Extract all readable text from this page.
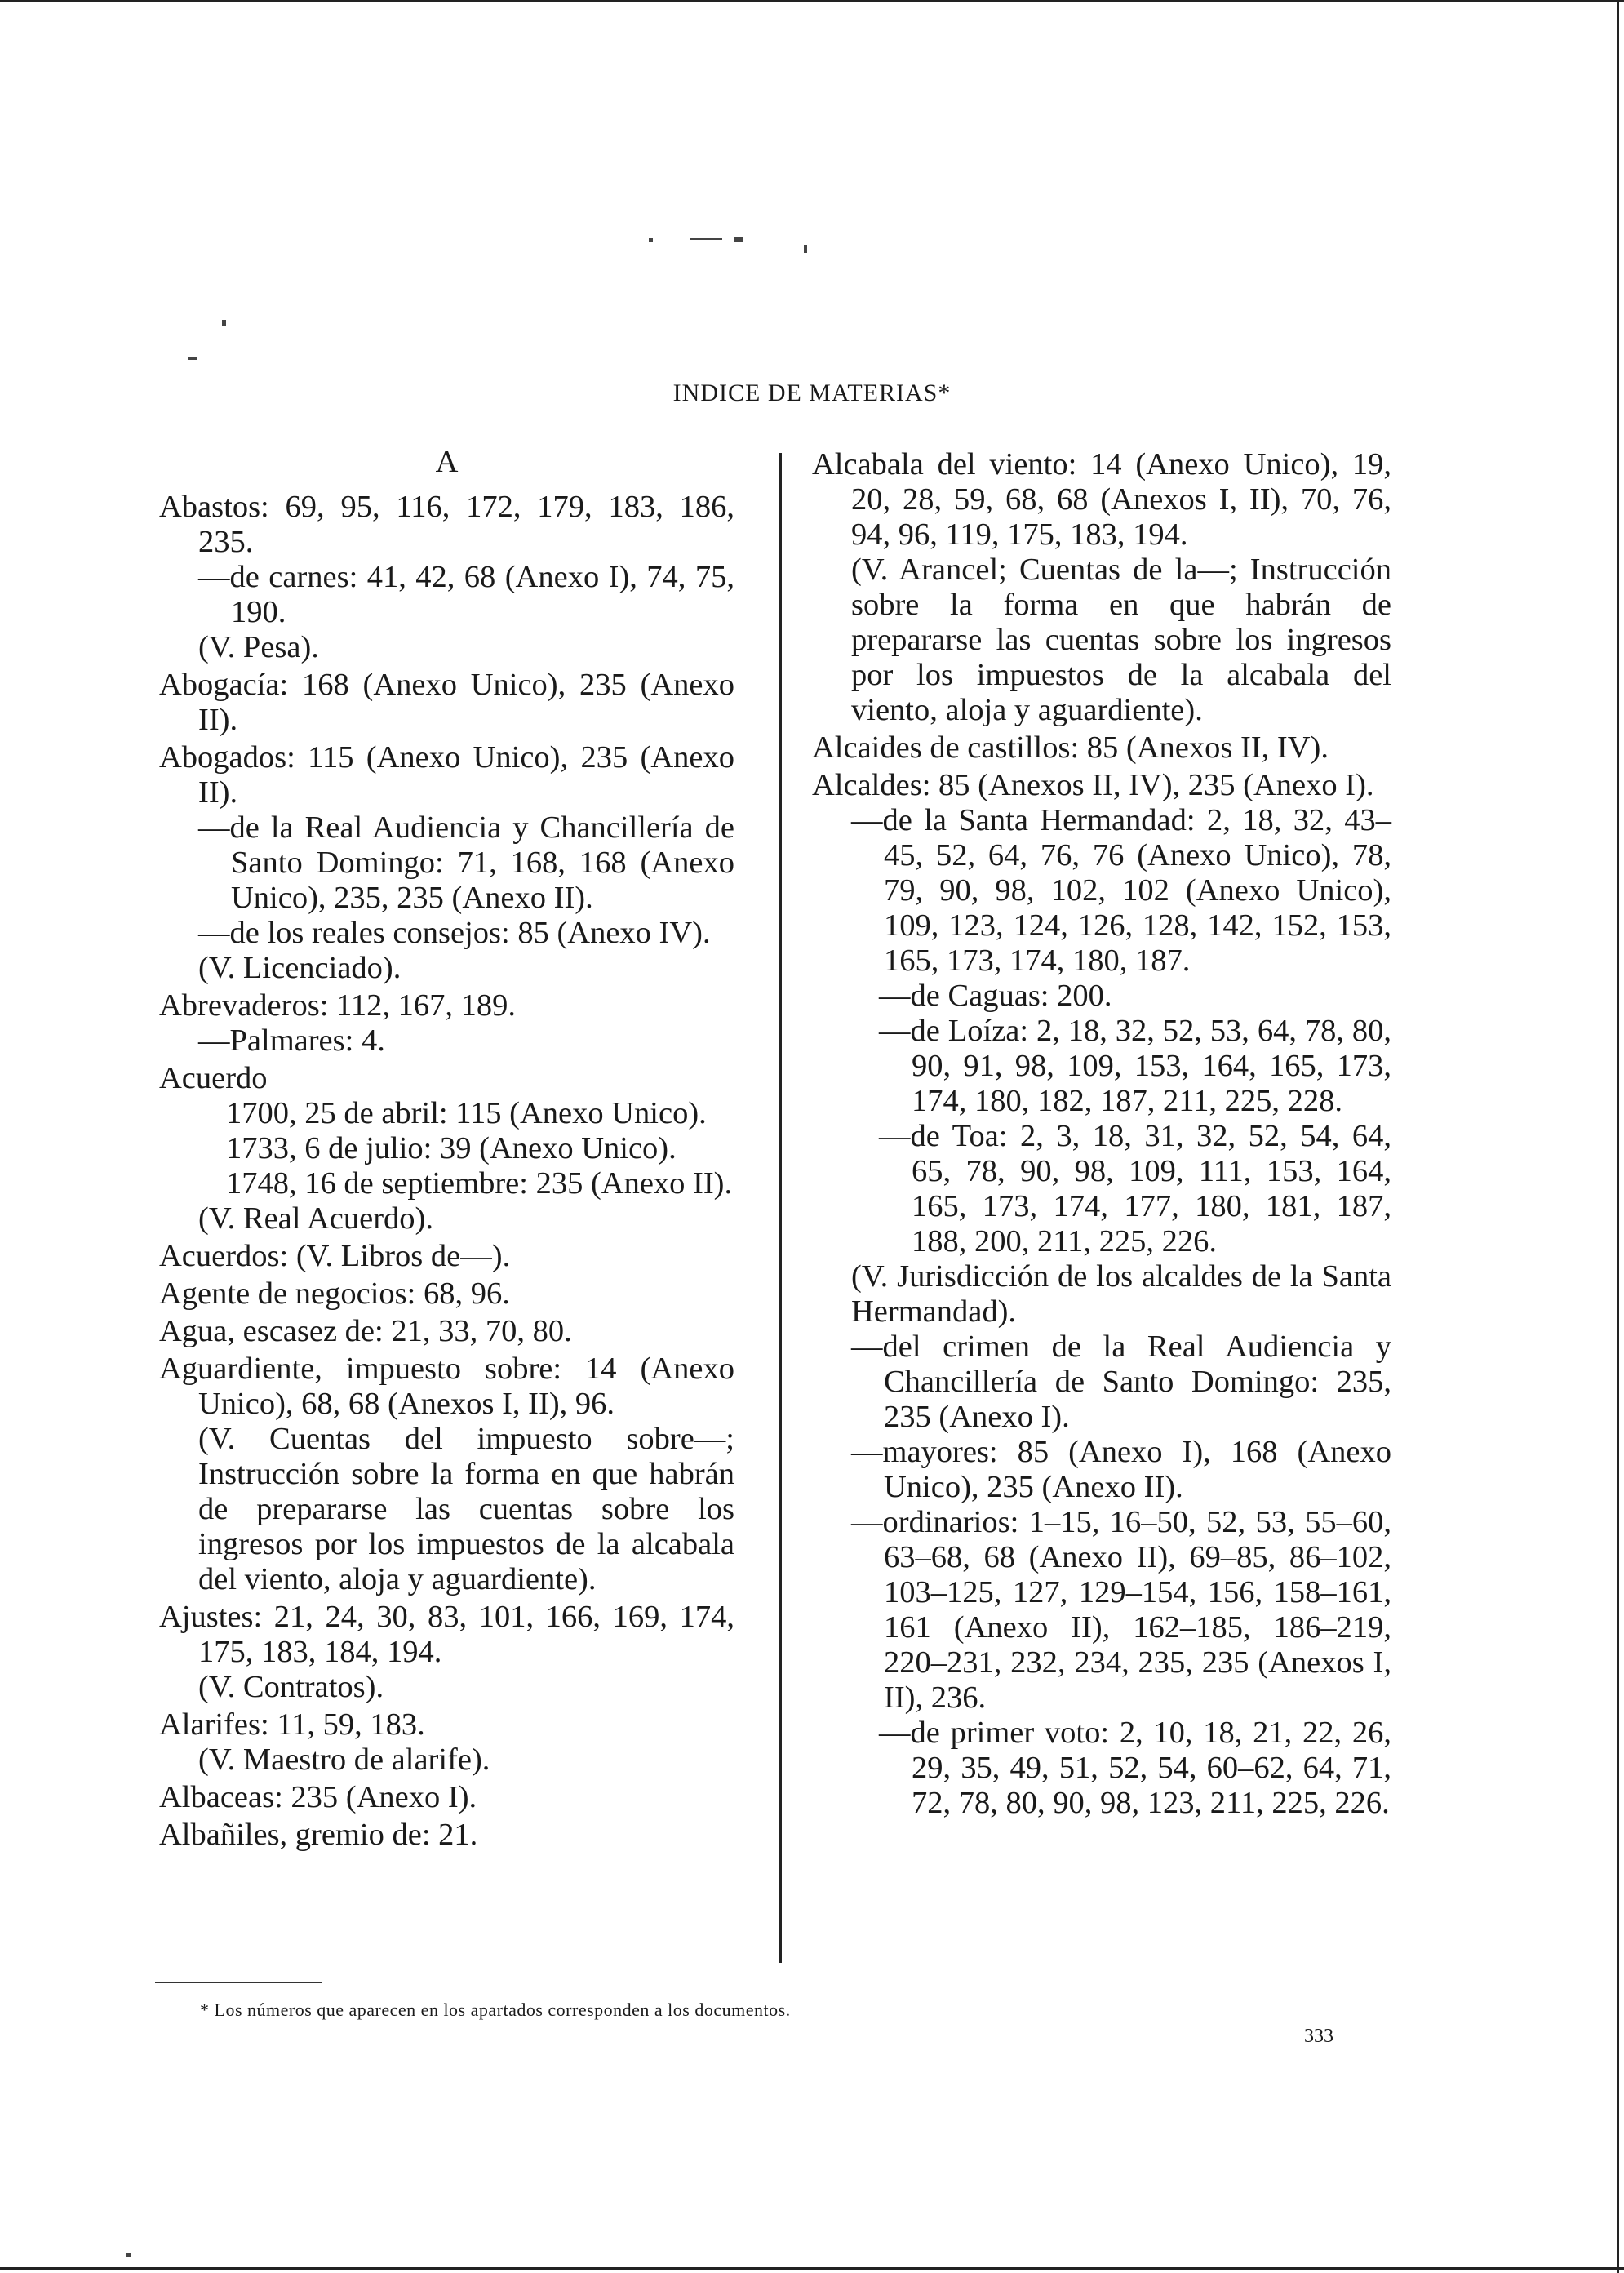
INDICE DE MATERIAS*

A

Abastos: 69, 95, 116, 172, 179, 183, 186, 235.

—de carnes: 41, 42, 68 (Anexo I), 74, 75, 190.

(V. Pesa).

Abogacía: 168 (Anexo Unico), 235 (Anexo II).

Abogados: 115 (Anexo Unico), 235 (Anexo II).

—de la Real Audiencia y Chancillería de Santo Domingo: 71, 168, 168 (Anexo Unico), 235, 235 (Anexo II).

—de los reales consejos: 85 (Anexo IV).

(V. Licenciado).

Abrevaderos: 112, 167, 189.

—Palmares: 4.

Acuerdo

1700, 25 de abril: 115 (Anexo Unico).

1733, 6 de julio: 39 (Anexo Unico).

1748, 16 de septiembre: 235 (Anexo II).

(V. Real Acuerdo).

Acuerdos: (V. Libros de—).

Agente de negocios: 68, 96.

Agua, escasez de: 21, 33, 70, 80.

Aguardiente, impuesto sobre: 14 (Anexo Unico), 68, 68 (Anexos I, II), 96.

(V. Cuentas del impuesto sobre—; Instrucción sobre la forma en que habrán de prepararse las cuentas sobre los ingresos por los impuestos de la alcabala del viento, aloja y aguardiente).

Ajustes: 21, 24, 30, 83, 101, 166, 169, 174, 175, 183, 184, 194.

(V. Contratos).

Alarifes: 11, 59, 183.

(V. Maestro de alarife).

Albaceas: 235 (Anexo I).

Albañiles, gremio de: 21.

Alcabala del viento: 14 (Anexo Unico), 19, 20, 28, 59, 68, 68 (Anexos I, II), 70, 76, 94, 96, 119, 175, 183, 194.

(V. Arancel; Cuentas de la—; Instrucción sobre la forma en que habrán de prepararse las cuentas sobre los ingresos por los impuestos de la alcabala del viento, aloja y aguardiente).

Alcaides de castillos: 85 (Anexos II, IV).

Alcaldes: 85 (Anexos II, IV), 235 (Anexo I).

—de la Santa Hermandad: 2, 18, 32, 43–45, 52, 64, 76, 76 (Anexo Unico), 78, 79, 90, 98, 102, 102 (Anexo Unico), 109, 123, 124, 126, 128, 142, 152, 153, 165, 173, 174, 180, 187.

—de Caguas: 200.

—de Loíza: 2, 18, 32, 52, 53, 64, 78, 80, 90, 91, 98, 109, 153, 164, 165, 173, 174, 180, 182, 187, 211, 225, 228.

—de Toa: 2, 3, 18, 31, 32, 52, 54, 64, 65, 78, 90, 98, 109, 111, 153, 164, 165, 173, 174, 177, 180, 181, 187, 188, 200, 211, 225, 226.

(V. Jurisdicción de los alcaldes de la Santa Hermandad).

—del crimen de la Real Audiencia y Chancillería de Santo Domingo: 235, 235 (Anexo I).

—mayores: 85 (Anexo I), 168 (Anexo Unico), 235 (Anexo II).

—ordinarios: 1–15, 16–50, 52, 53, 55–60, 63–68, 68 (Anexo II), 69–85, 86–102, 103–125, 127, 129–154, 156, 158–161, 161 (Anexo II), 162–185, 186–219, 220–231, 232, 234, 235, 235 (Anexos I, II), 236.

—de primer voto: 2, 10, 18, 21, 22, 26, 29, 35, 49, 51, 52, 54, 60–62, 64, 71, 72, 78, 80, 90, 98, 123, 211, 225, 226.

* Los números que aparecen en los apartados corresponden a los documentos.
333
